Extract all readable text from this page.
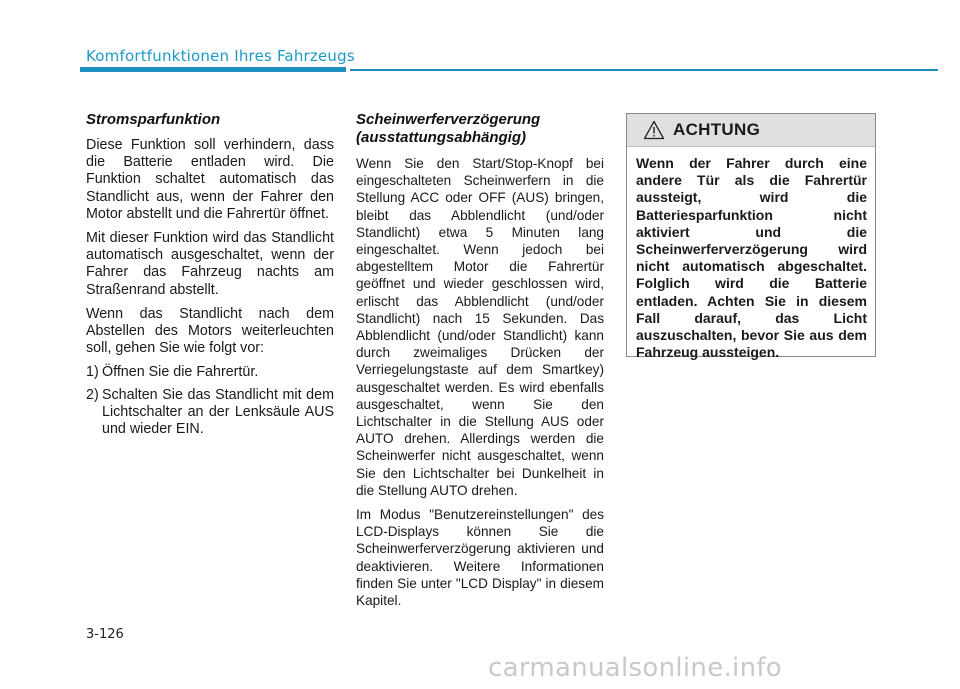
Komfortfunktionen Ihres Fahrzeugs
Stromsparfunktion

Diese Funktion soll verhindern, dass die Batterie entladen wird. Die Funktion schaltet automatisch das Standlicht aus, wenn der Fahrer den Motor abstellt und die Fahrertür öffnet.

Mit dieser Funktion wird das Standlicht automatisch ausgeschaltet, wenn der Fahrer das Fahrzeug nachts am Straßenrand abstellt.

Wenn das Standlicht nach dem Abstellen des Motors weiterleuchten soll, gehen Sie wie folgt vor:

1) Öffnen Sie die Fahrertür.
2) Schalten Sie das Standlicht mit dem Lichtschalter an der Lenksäule AUS und wieder EIN.
Scheinwerferverzögerung (ausstattungsabhängig)

Wenn Sie den Start/Stop-Knopf bei eingeschalteten Scheinwerfern in die Stellung ACC oder OFF (AUS) bringen, bleibt das Abblendlicht (und/oder Standlicht) etwa 5 Minuten lang eingeschaltet. Wenn jedoch bei abgestelltem Motor die Fahrertür geöffnet und wieder geschlossen wird, erlischt das Abblendlicht (und/oder Standlicht) nach 15 Sekunden. Das Abblendlicht (und/oder Standlicht) kann durch zweimaliges Drücken der Verriegelungstaste auf dem Smartkey) ausgeschaltet werden. Es wird ebenfalls ausgeschaltet, wenn Sie den Lichtschalter in die Stellung AUS oder AUTO drehen. Allerdings werden die Scheinwerfer nicht ausgeschaltet, wenn Sie den Lichtschalter bei Dunkelheit in die Stellung AUTO drehen.

Im Modus "Benutzereinstellungen" des LCD-Displays können Sie die Scheinwerferverzögerung aktivieren und deaktivieren. Weitere Informationen finden Sie unter "LCD Display" in diesem Kapitel.

ACHTUNG
Wenn der Fahrer durch eine andere Tür als die Fahrertür aussteigt, wird die Batteriesparfunktion nicht aktiviert und die Scheinwerferverzögerung wird nicht automatisch abgeschaltet. Folglich wird die Batterie entladen. Achten Sie in diesem Fall darauf, das Licht auszuschalten, bevor Sie aus dem Fahrzeug aussteigen.
3-126
carmanualsonline.info
